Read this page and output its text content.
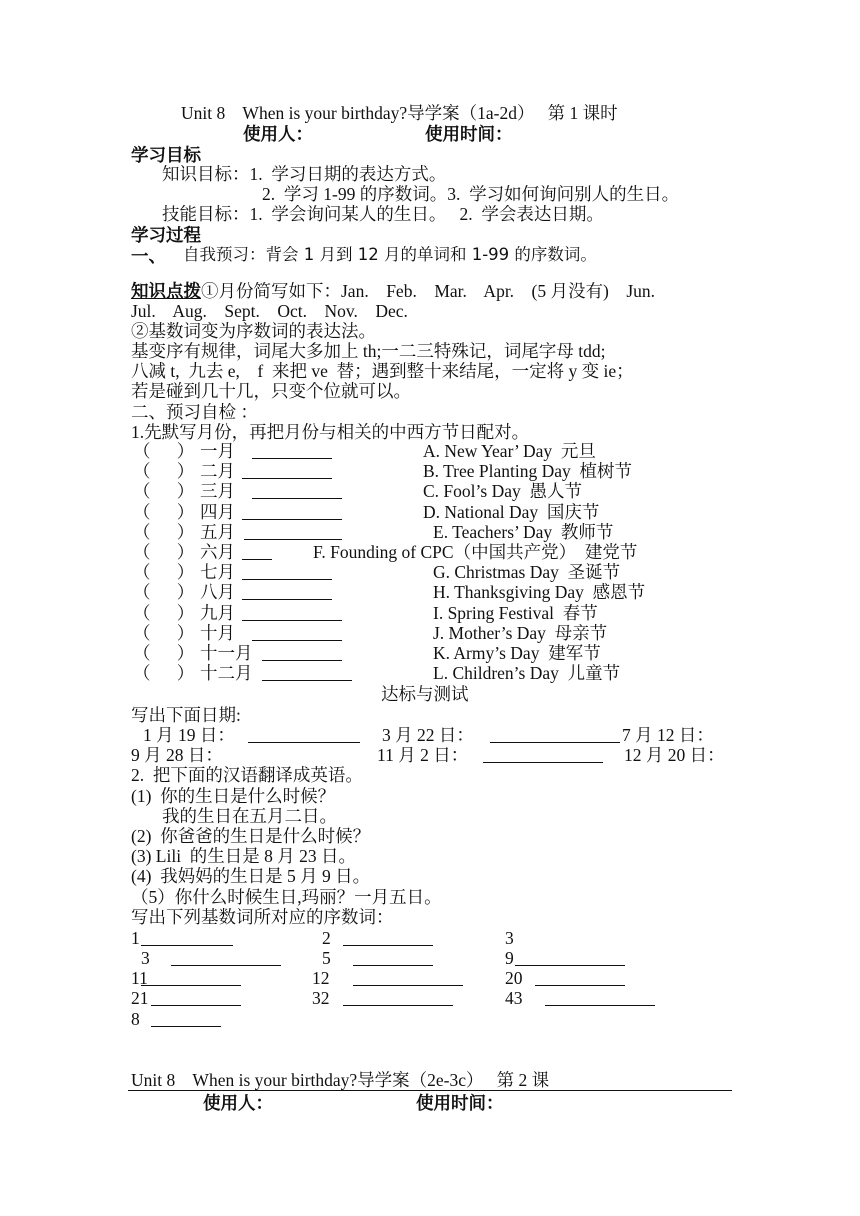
Unit 8    When is your birthday?导学案（1a-2d）   第 1 课时
使用人：	使用时间：
学习目标
知识目标：1.  学习日期的表达方式。
2.  学习 1-99 的序数词。3.  学习如何询问别人的生日。
技能目标：1.  学会询问某人的生日。   2.  学会表达日期。
学习过程
一、 自我预习：背会 1 月到 12 月的单词和 1-99 的序数词。
知识点拨①月份简写如下：Jan.    Feb.    Mar.    Apr.    (5 月没有)    Jun.
Jul.    Aug.    Sept.    Oct.    Nov.    Dec.
②基数词变为序数词的表达法。
基变序有规律，词尾大多加上 th;一二三特殊记，词尾字母 tdd;
八减 t,  九去 e,    f  来把 ve  替；遇到整十来结尾，一定将 y 变 ie；
若是碰到几十几，只变个位就可以。
二、预习自检 ：
1.先默写月份，再把月份与相关的中西方节日配对。
（      ） 一月	A. New Year’ Day  元旦
（      ） 二月	B. Tree Planting Day  植树节
（      ） 三月	C. Fool’s Day  愚人节
（      ） 四月	D. National Day  国庆节
（      ） 五月	E. Teachers’ Day  教师节
（      ） 六月	F. Founding of CPC（中国共产党）  建党节
（      ） 七月	G. Christmas Day  圣诞节
（      ） 八月	H. Thanksgiving Day  感恩节
（      ） 九月	I. Spring Festival  春节
（      ） 十月	J. Mother’s Day  母亲节
（      ） 十一月	K. Army’s Day  建军节
（      ） 十二月	L. Children’s Day  儿童节
达标与测试
写出下面日期:
1 月 19 日：	3 月 22 日：	7 月 12 日：
9 月 28 日：	11 月 2 日：	12 月 20 日：
2.  把下面的汉语翻译成英语。
(1)  你的生日是什么时候？
我的生日在五月二日。
(2)  你爸爸的生日是什么时候？
(3) Lili  的生日是 8 月 23 日。
(4)  我妈妈的生日是 5 月 9 日。
（5）你什么时候生日,玛丽？一月五日。
写出下列基数词所对应的序数词：
1	2	3
3	5	9
11	12	20
21	32	43
8
Unit 8    When is your birthday?导学案（2e-3c）   第 2 课
使用人：	使用时间：
